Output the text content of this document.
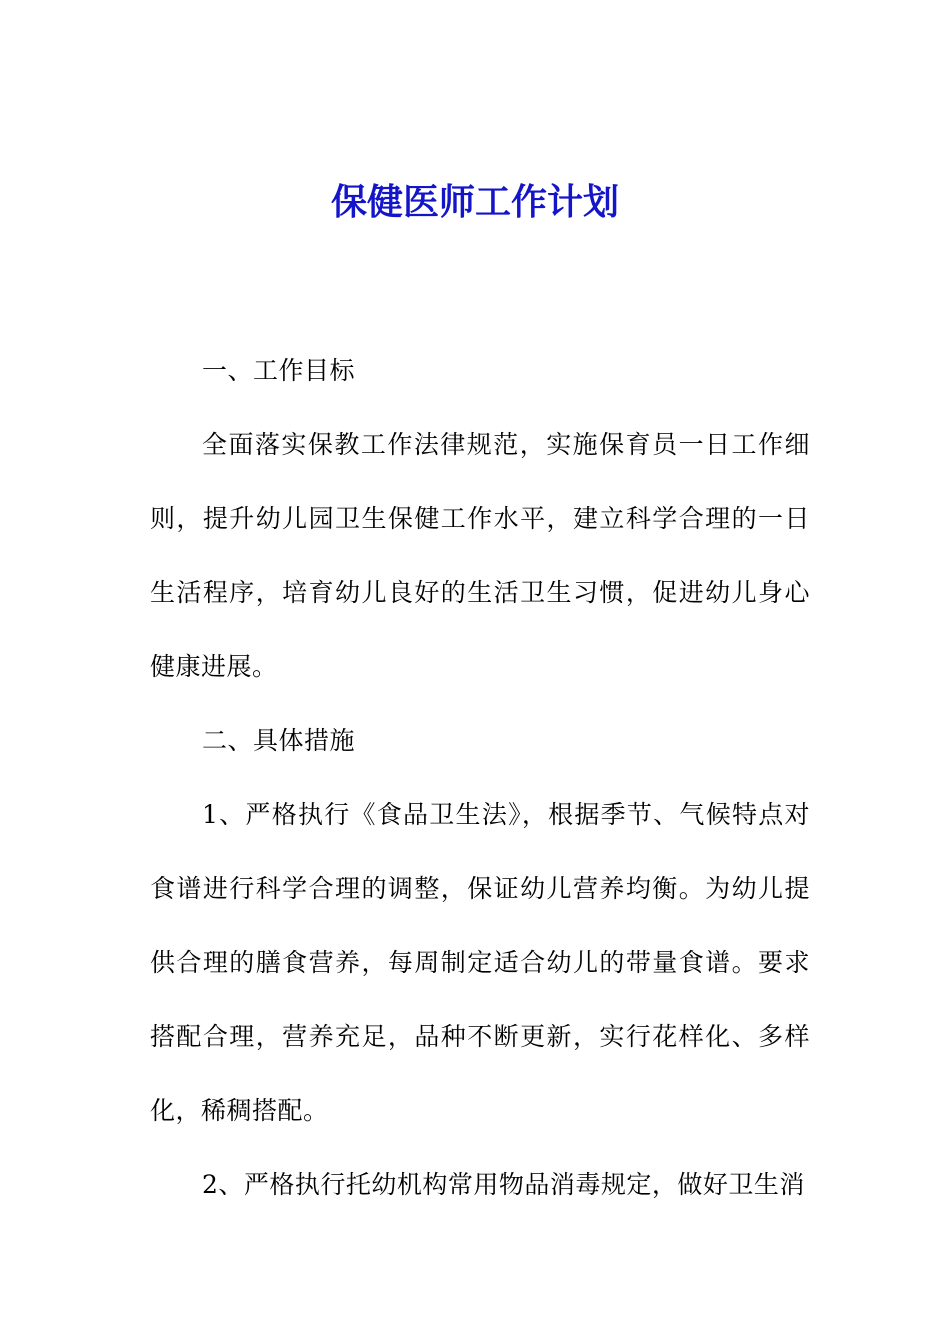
保健医师工作计划

一、工作目标

全面落实保教工作法律规范，实施保育员一日工作细则，提升幼儿园卫生保健工作水平，建立科学合理的一日生活程序，培育幼儿良好的生活卫生习惯，促进幼儿身心健康进展。

二、具体措施

1、严格执行《食品卫生法》，根据季节、气候特点对食谱进行科学合理的调整，保证幼儿营养均衡。为幼儿提供合理的膳食营养，每周制定适合幼儿的带量食谱。要求搭配合理，营养充足，品种不断更新，实行花样化、多样化，稀稠搭配。

2、严格执行托幼机构常用物品消毒规定，做好卫生消
